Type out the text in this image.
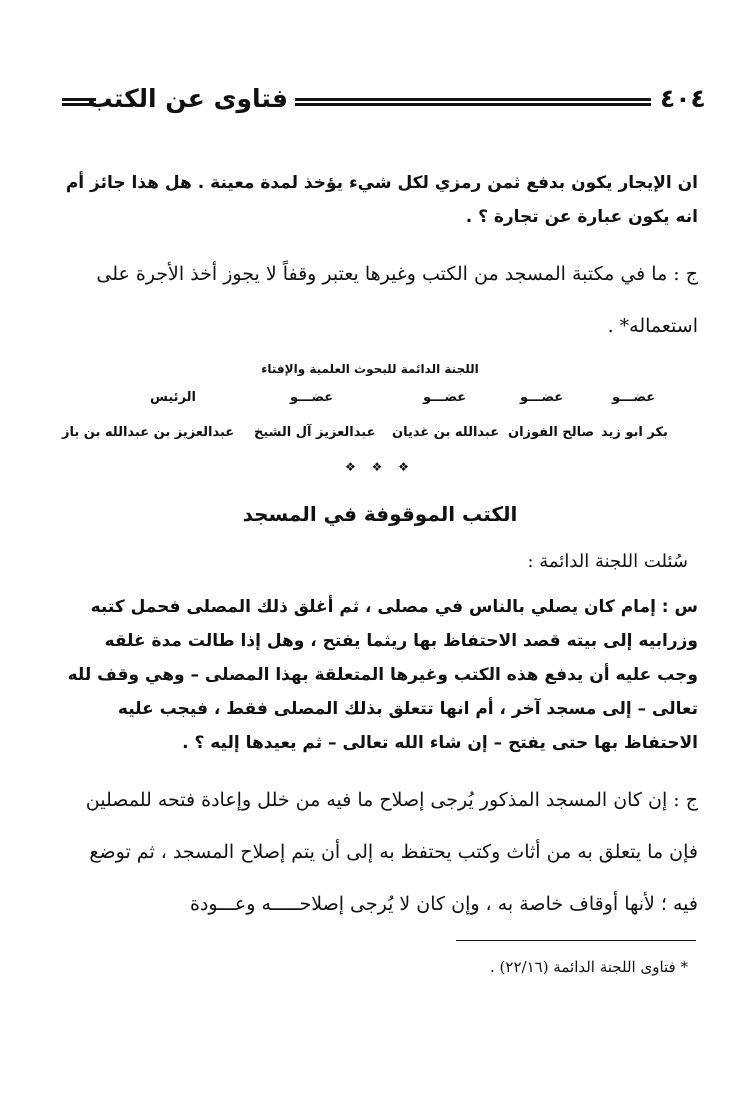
فتاوى عن الكتب	٤٠٤
ان الإيجار يكون بدفع ثمن رمزي لكل شيء يؤخذ لمدة معينة . هل هذا جائز أم انه يكون عبارة عن تجارة ؟ .
ج : ما في مكتبة المسجد من الكتب وغيرها يعتبر وقفاً لا يجوز أخذ الأجرة على استعماله* .
اللجنة الدائمة للبحوث العلمية والإفتاء
عضـــو
عضـــو
عضـــو
عضـــو
الرئيس
بكر ابو زيد
صالح الفوزان
عبدالله بن غديان
عبدالعزيز آل الشيخ
عبدالعزيز بن عبدالله بن باز
❖ ❖ ❖
الكتب الموقوفة في المسجد
سُئلت اللجنة الدائمة :
س : إمام كان يصلي بالناس في مصلى ، ثم أغلق ذلك المصلى فحمل كتبه وزرابيه إلى بيته قصد الاحتفاظ بها ريثما يفتح ، وهل إذا طالت مدة غلقه وجب عليه أن يدفع هذه الكتب وغيرها المتعلقة بهذا المصلى – وهي وقف لله تعالى – إلى مسجد آخر ، أم انها تتعلق بذلك المصلى فقط ، فيجب عليه الاحتفاظ بها حتى يفتح – إن شاء الله تعالى – ثم يعيدها إليه ؟ .
ج : إن كان المسجد المذكور يُرجى إصلاح ما فيه من خلل وإعادة فتحه للمصلين فإن ما يتعلق به من أثاث وكتب يحتفظ به إلى أن يتم إصلاح المسجد ، ثم توضع فيه ؛ لأنها أوقاف خاصة به ، وإن كان لا يُرجى إصلاحـــــه وعـــودة
* فتاوى اللجنة الدائمة (٢٢/١٦) .
